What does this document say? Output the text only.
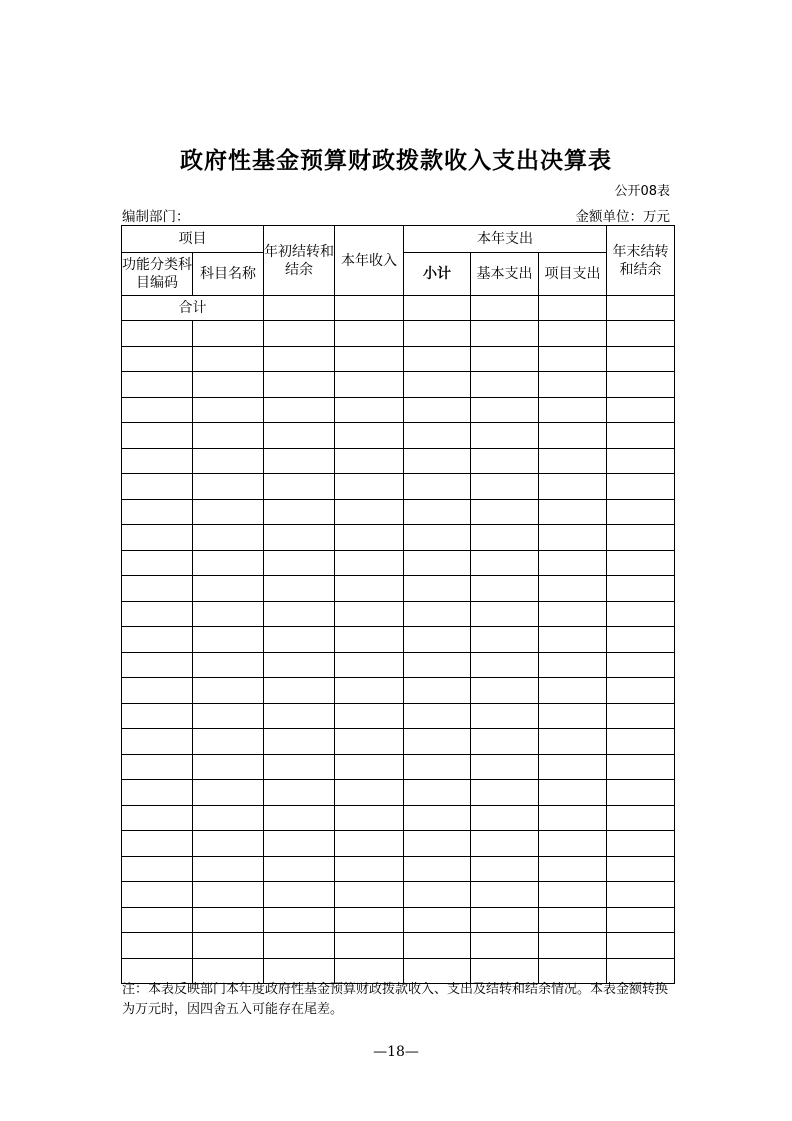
政府性基金预算财政拨款收入支出决算表
公开08表
编制部门：	金额单位：万元
项目		年初结转和结余	本年收入	本年支出			年末结转和结余
功能分类科目编码	科目名称			小计	基本支出	项目支出	
合计							

注：本表反映部门本年度政府性基金预算财政拨款收入、支出及结转和结余情况。本表金额转换为万元时，因四舍五入可能存在尾差。
—18—
